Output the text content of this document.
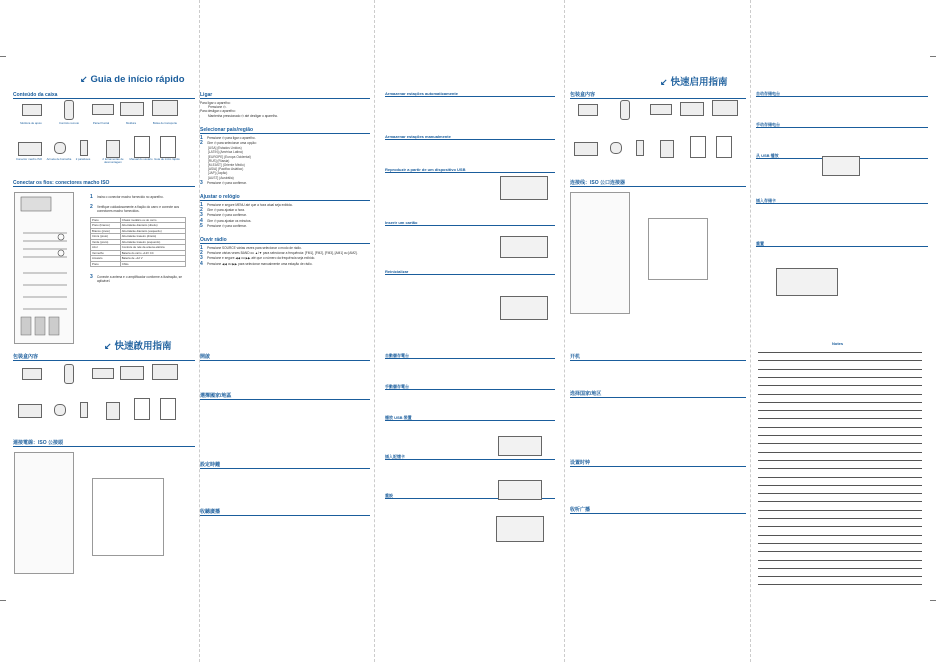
↙ Guia de início rápido
Conteúdo da caixa
Moldura de apoio	Controlo remoto	Painel frontal	Moldura	Bolsa de transporte
Conector macho ISO	Arruela de borracha	2 parafusos	2 ferramentas de desmontagem
Manual do usuário Guia de início rápido
Conectar os fios: conectores macho ISO
1	Insira o conector macho fornecido no aparelho.
2	Verifique cuidadosamente a fiação do carro e conecte aos conectores macho fornecidos.
Preto	Chassi metálico ou do carro
Preto (branco)	Alto-falante dianteiro (direito)
Branco (preto)	Alto-falante dianteiro (esquerdo)
Cinza (preto)	Alto-falante traseiro (direito)
Verde (preto)	Alto-falante traseiro (esquerdo)
Azul	Controle de relé da antena elétrica
Vermelho	Bateria do carro +12V CC
Amarelo	Bateria de +12 V
Preto	Chão
3	Conecte a antena e o amplificador conforme a ilustração, se aplicável.
Ligar
Para ligar o aparelho:
Pressione ⏻.
Para desligar o aparelho:
Mantenha pressionado ⏻ até desligar o aparelho.
Selecionar país/região
1	Pressione ⏻ para ligar o aparelho.
2	Gire ⏻ para selecionar uma opção:
[USA] (Estados Unidos)
[LATIN] (América Latina)
[EUROPE] (Europa Ocidental)
[RUS] (Rússia)
[M-EAST] (Oriente Médio)
[ASIA] (Pacífico Asiático)
[JAP] (Japão)
[AUST] (Austrália)
3	Pressione ⏻ para confirmar.
Ajustar o relógio
1	Pressione e segure MENU até que a hora atual seja exibida.
2	Gire ⏻ para ajustar a hora.
3	Pressione ⏻ para confirmar.
4	Gire ⏻ para ajustar os minutos.
5	Pressione ⏻ para confirmar.
Ouvir rádio
1	Pressione SOURCE várias vezes para selecionar o modo de rádio.
2	Pressione várias vezes BAND ou ▲/▼ para selecionar a frequência: [FM1], [FM2], [FM3], [AM1] ou [AM2].
3	Pressione e segure ◀◀ ou ▶▶ até que o número da frequência seja exibido.
4	Pressione ◀◀ ou ▶▶ para selecionar manualmente uma estação de rádio.
Armazenar estações automaticamente
Armazenar estações manualmente
Reproduzir a partir de um dispositivo USB
Inserir um cartão
Reinicializar
↙ 快速启用指南
包装盒内容
连接线：ISO 公口连接器
自动存储电台
手动存储电台
从 USB 播放
插入存储卡
重置
↙ 快速啟用指南
包裝盒內容
連接電線：ISO 公接頭
開啟
選擇國家/地區
設定時鐘
收聽廣播
自動儲存電台
手動儲存電台
播放 USB 裝置
插入記憶卡
重設
开机
选择国家/地区
设置时钟
收听广播
Notes
